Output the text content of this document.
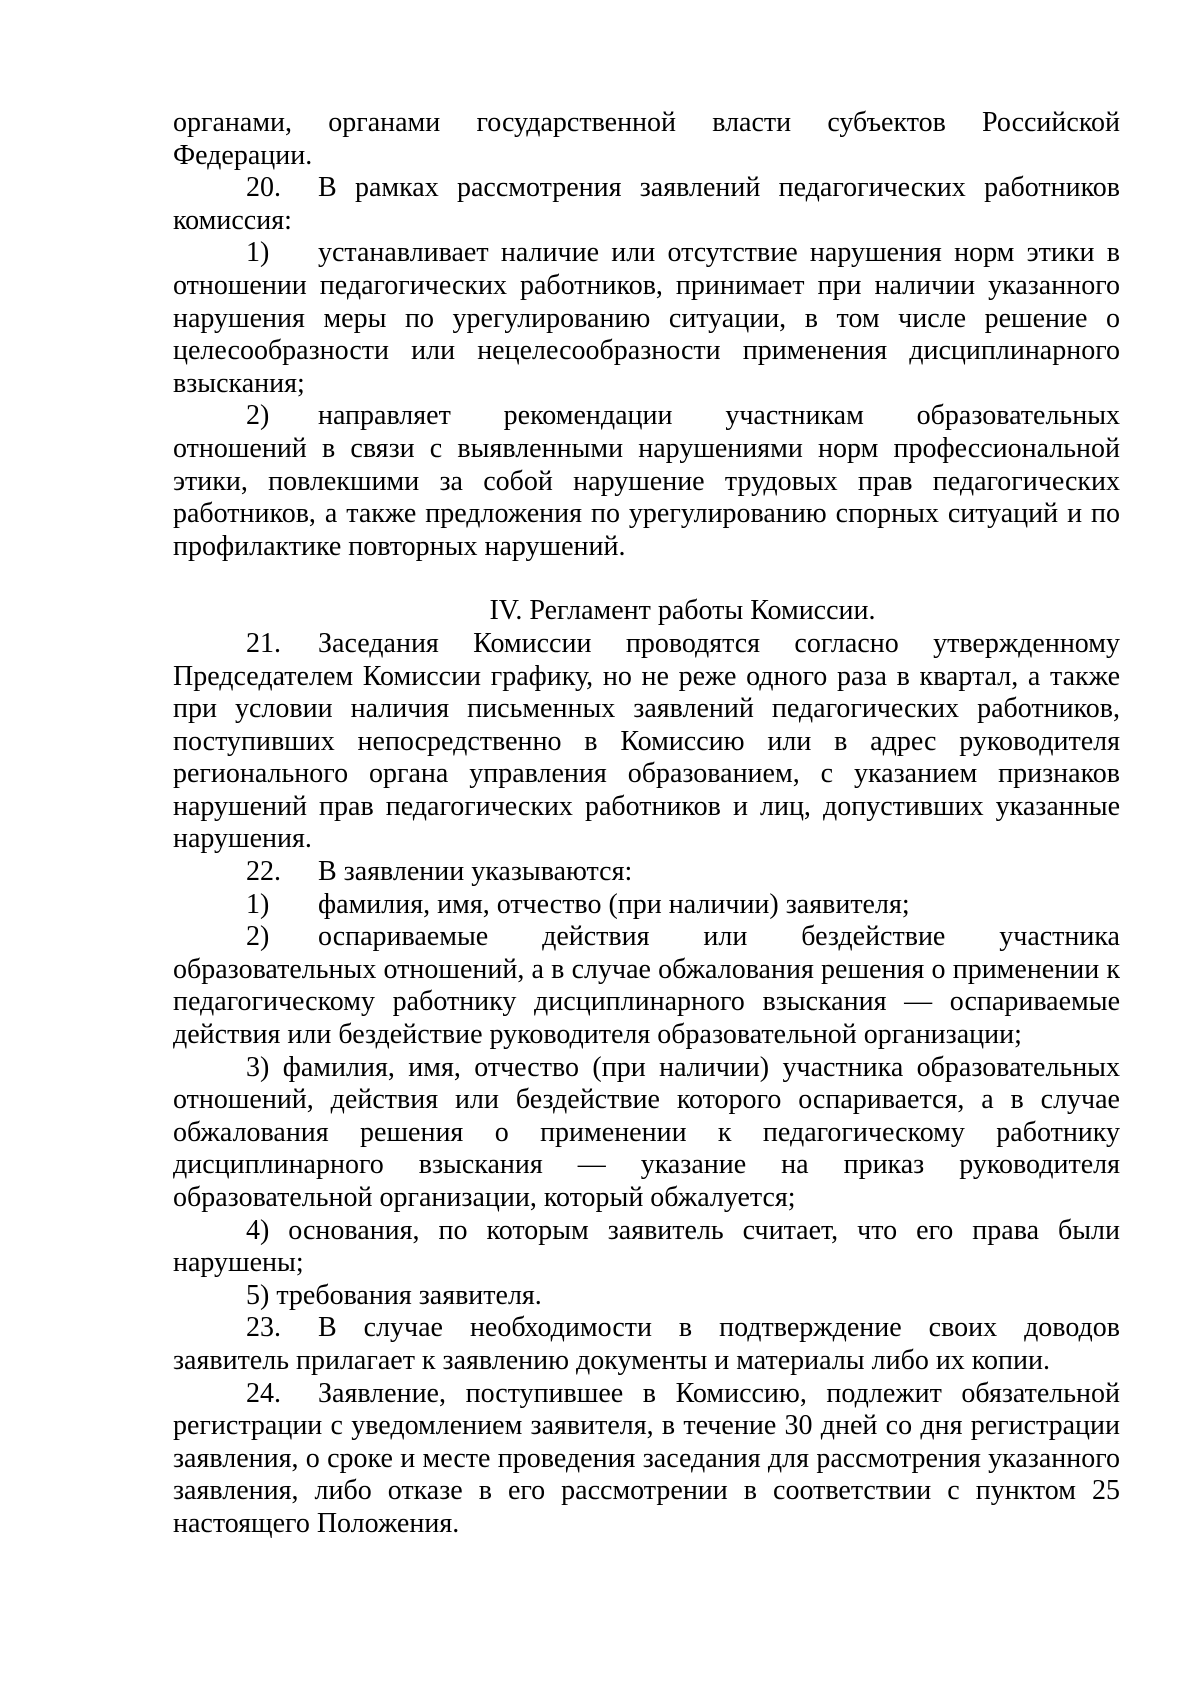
органами, органами государственной власти субъектов Российской Федерации.

20. В рамках рассмотрения заявлений педагогических работников комиссия:

1) устанавливает наличие или отсутствие нарушения норм этики в отношении педагогических работников, принимает при наличии указанного нарушения меры по урегулированию ситуации, в том числе решение о целесообразности или нецелесообразности применения дисциплинарного взыскания;

2) направляет рекомендации участникам образовательных отношений в связи с выявленными нарушениями норм профессиональной этики, повлекшими за собой нарушение трудовых прав педагогических работников, а также предложения по урегулированию спорных ситуаций и по профилактике повторных нарушений.

IV. Регламент работы Комиссии.

21. Заседания Комиссии проводятся согласно утвержденному Председателем Комиссии графику, но не реже одного раза в квартал, а также при условии наличия письменных заявлений педагогических работников, поступивших непосредственно в Комиссию или в адрес руководителя регионального органа управления образованием, с указанием признаков нарушений прав педагогических работников и лиц, допустивших указанные нарушения.

22. В заявлении указываются:

1) фамилия, имя, отчество (при наличии) заявителя;

2) оспариваемые действия или бездействие участника образовательных отношений, а в случае обжалования решения о применении к педагогическому работнику дисциплинарного взыскания — оспариваемые действия или бездействие руководителя образовательной организации;

3) фамилия, имя, отчество (при наличии) участника образовательных отношений, действия или бездействие которого оспаривается, а в случае обжалования решения о применении к педагогическому работнику дисциплинарного взыскания — указание на приказ руководителя образовательной организации, который обжалуется;

4) основания, по которым заявитель считает, что его права были нарушены;

5) требования заявителя.

23. В случае необходимости в подтверждение своих доводов заявитель прилагает к заявлению документы и материалы либо их копии.

24. Заявление, поступившее в Комиссию, подлежит обязательной регистрации с уведомлением заявителя, в течение 30 дней со дня регистрации заявления, о сроке и месте проведения заседания для рассмотрения указанного заявления, либо отказе в его рассмотрении в соответствии с пунктом 25 настоящего Положения.
